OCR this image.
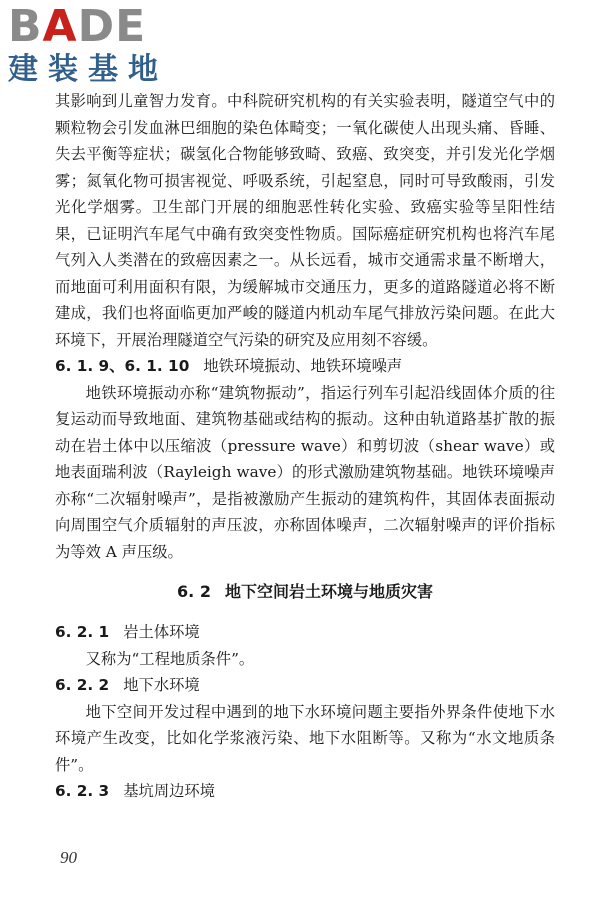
BADE
建装基地

其影响到儿童智力发育。中科院研究机构的有关实验表明，隧道空气中的颗粒物会引发血淋巴细胞的染色体畸变；一氧化碳使人出现头痛、昏睡、失去平衡等症状；碳氢化合物能够致畸、致癌、致突变，并引发光化学烟雾；氮氧化物可损害视觉、呼吸系统，引起窒息，同时可导致酸雨，引发光化学烟雾。卫生部门开展的细胞恶性转化实验、致癌实验等呈阳性结果，已证明汽车尾气中确有致突变性物质。国际癌症研究机构也将汽车尾气列入人类潜在的致癌因素之一。从长远看，城市交通需求量不断增大，而地面可利用面积有限，为缓解城市交通压力，更多的道路隧道必将不断建成，我们也将面临更加严峻的隧道内机动车尾气排放污染问题。在此大环境下，开展治理隧道空气污染的研究及应用刻不容缓。

6. 1. 9、6. 1. 10 地铁环境振动、地铁环境噪声

地铁环境振动亦称“建筑物振动”，指运行列车引起沿线固体介质的往复运动而导致地面、建筑物基础或结构的振动。这种由轨道路基扩散的振动在岩土体中以压缩波（pressure wave）和剪切波（shear wave）或地表面瑞利波（Rayleigh wave）的形式激励建筑物基础。地铁环境噪声亦称“二次辐射噪声”，是指被激励产生振动的建筑构件，其固体表面振动向周围空气介质辐射的声压波，亦称固体噪声，二次辐射噪声的评价指标为等效 A 声压级。

6. 2 地下空间岩土环境与地质灾害
6. 2. 1 岩土体环境

又称为“工程地质条件”。

6. 2. 2 地下水环境

地下空间开发过程中遇到的地下水环境问题主要指外界条件使地下水环境产生改变，比如化学浆液污染、地下水阻断等。又称为“水文地质条件”。

6. 2. 3 基坑周边环境
90
